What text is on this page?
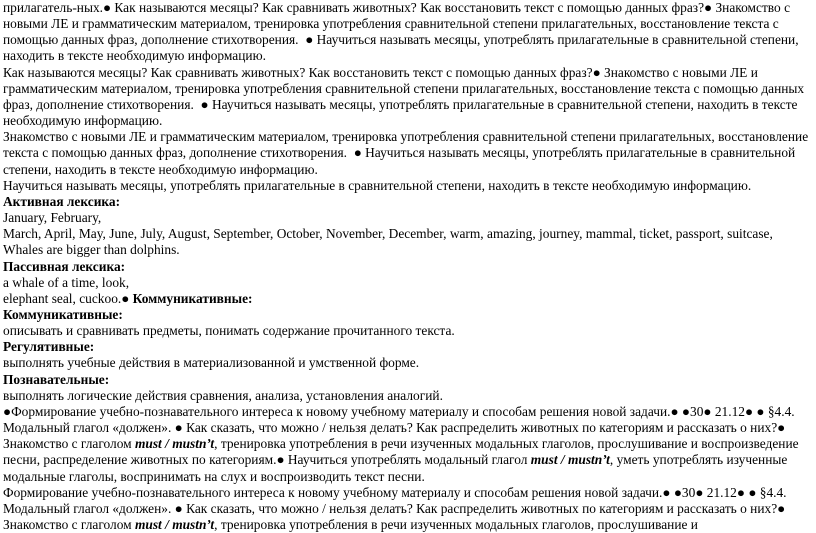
прилагатель-ных.● Как называются месяцы? Как сравнивать животных? Как восстановить текст с помощью данных фраз?● Знакомство с новыми ЛЕ и грамматическим материалом, тренировка употребления сравнительной степени прилагательных, восстановление текста с помощью данных фраз, дополнение стихотворения.  ● Научиться называть месяцы, употреблять прилагательные в сравнительной степени, находить в тексте необходимую информацию.

Как называются месяцы? Как сравнивать животных? Как восстановить текст с помощью данных фраз?● Знакомство с новыми ЛЕ и грамматическим материалом, тренировка употребления сравнительной степени прилагательных, восстановление текста с помощью данных фраз, дополнение стихотворения.  ● Научиться называть месяцы, употреблять прилагательные в сравнительной степени, находить в тексте необходимую информацию.

Знакомство с новыми ЛЕ и грамматическим материалом, тренировка употребления сравнительной степени прилагательных, восстановление текста с помощью данных фраз, дополнение стихотворения.  ● Научиться называть месяцы, употреблять прилагательные в сравнительной степени, находить в тексте необходимую информацию.

Научиться называть месяцы, употреблять прилагательные в сравнительной степени, находить в тексте необходимую информацию.

Активная лексика:

January, February,

March, April, May, June, July, August, September, October, November, December, warm, amazing, journey, mammal, ticket, passport, suitcase, Whales are bigger than dolphins.

Пассивная лексика:

a whale of a time, look,

elephant seal, cuckoo.● Коммуникативные:

Коммуникативные:

описывать и сравнивать предметы, понимать содержание прочитанного текста.

Регулятивные:

выполнять учебные действия в материализованной и умственной форме.

Познавательные:

выполнять логические действия сравнения, анализа, установления аналогий.

●Формирование учебно-познавательного интереса к новому учебному материалу и способам решения новой задачи.● ●30● 21.12● ● §4.4. Модальный глагол «должен». ● Как сказать, что можно / нельзя делать? Как распределить животных по категориям и рассказать о них?● Знакомство с глаголом must / mustn’t, тренировка употребления в речи изученных модальных глаголов, прослушивание и воспроизведение песни, распределение животных по категориям.● Научиться употреблять модальный глагол must / mustn’t, уметь употреблять изученные модальные глаголы, воспринимать на слух и воспроизводить текст песни.

Формирование учебно-познавательного интереса к новому учебному материалу и способам решения новой задачи.● ●30● 21.12● ● §4.4. Модальный глагол «должен». ● Как сказать, что можно / нельзя делать? Как распределить животных по категориям и рассказать о них?● Знакомство с глаголом must / mustn’t, тренировка употребления в речи изученных модальных глаголов, прослушивание и
